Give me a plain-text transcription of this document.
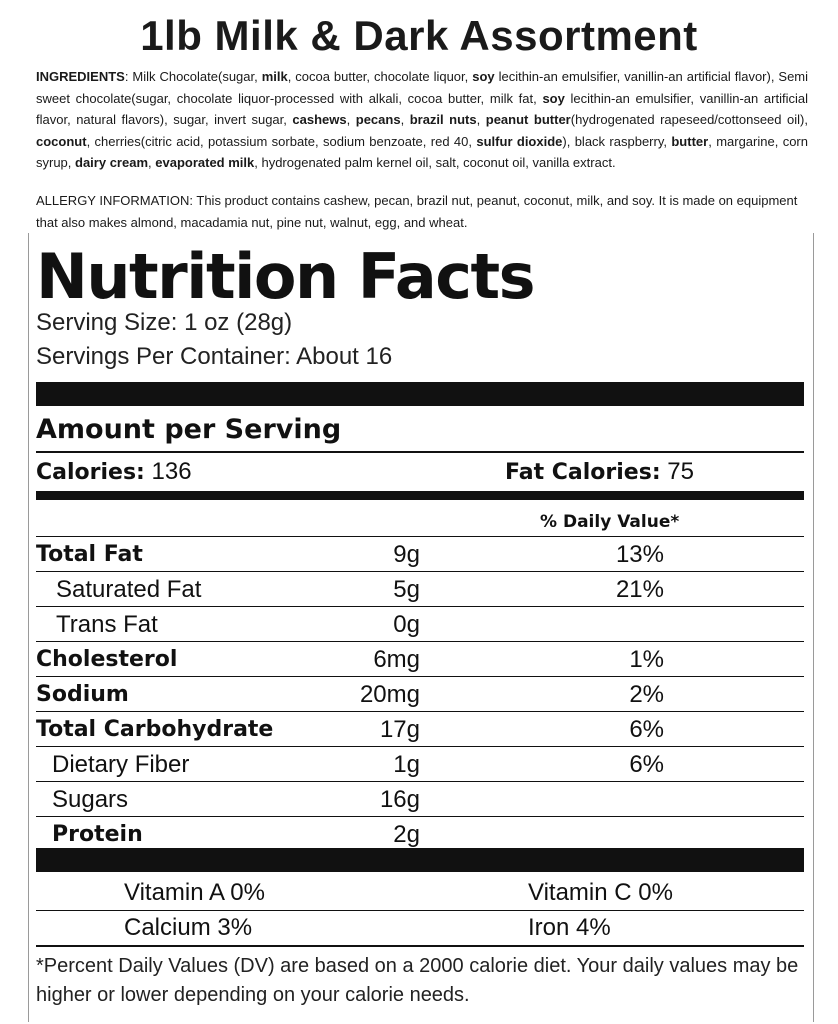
1lb Milk & Dark Assortment
INGREDIENTS: Milk Chocolate(sugar, milk, cocoa butter, chocolate liquor, soy lecithin-an emulsifier, vanillin-an artificial flavor), Semi sweet chocolate(sugar, chocolate liquor-processed with alkali, cocoa butter, milk fat, soy lecithin-an emulsifier, vanillin-an artificial flavor, natural flavors), sugar, invert sugar, cashews, pecans, brazil nuts, peanut butter(hydrogenated rapeseed/cottonseed oil), coconut, cherries(citric acid, potassium sorbate, sodium benzoate, red 40, sulfur dioxide), black raspberry, butter, margarine, corn syrup, dairy cream, evaporated milk, hydrogenated palm kernel oil, salt, coconut oil, vanilla extract.
ALLERGY INFORMATION: This product contains cashew, pecan, brazil nut, peanut, coconut, milk, and soy. It is made on equipment that also makes almond, macadamia nut, pine nut, walnut, egg, and wheat.
Nutrition Facts
Serving Size: 1 oz (28g)
Servings Per Container: About 16
Amount per Serving
Calories: 136	Fat Calories: 75
% Daily Value*
Total Fat	9g	13%
Saturated Fat	5g	21%
Trans Fat	0g
Cholesterol	6mg	1%
Sodium	20mg	2%
Total Carbohydrate	17g	6%
Dietary Fiber	1g	6%
Sugars	16g
Protein	2g
Vitamin A 0%	Vitamin C 0%
Calcium 3%	Iron 4%
*Percent Daily Values (DV) are based on a 2000 calorie diet. Your daily values may be higher or lower depending on your calorie needs.
